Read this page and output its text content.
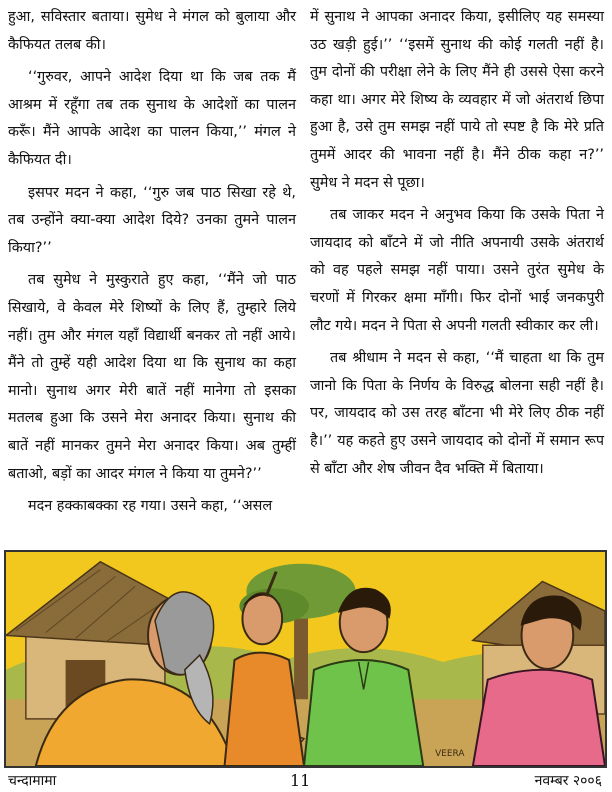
हुआ, सविस्तार बताया। सुमेध ने मंगल को बुलाया और कैफियत तलब की।

‘‘गुरुवर, आपने आदेश दिया था कि जब तक मैं आश्रम में रहूँगा तब तक सुनाथ के आदेशों का पालन करूँ। मैंने आपके आदेश का पालन किया,’’ मंगल ने कैफियत दी।

इसपर मदन ने कहा, ‘‘गुरु जब पाठ सिखा रहे थे, तब उन्होंने क्या-क्या आदेश दिये? उनका तुमने पालन किया?’’

तब सुमेध ने मुस्कुराते हुए कहा, ‘‘मैंने जो पाठ सिखाये, वे केवल मेरे शिष्यों के लिए हैं, तुम्हारे लिये नहीं। तुम और मंगल यहाँ विद्यार्थी बनकर तो नहीं आये। मैंने तो तुम्हें यही आदेश दिया था कि सुनाथ का कहा मानो। सुनाथ अगर मेरी बातें नहीं मानेगा तो इसका मतलब हुआ कि उसने मेरा अनादर किया। सुनाथ की बातें नहीं मानकर तुमने मेरा अनादर किया। अब तुम्हीं बताओ, बड़ों का आदर मंगल ने किया या तुमने?’’

मदन हक्काबक्का रह गया। उसने कहा, ‘‘असल

में सुनाथ ने आपका अनादर किया, इसीलिए यह समस्या उठ खड़ी हुई।’’ ‘‘इसमें सुनाथ की कोई गलती नहीं है। तुम दोनों की परीक्षा लेने के लिए मैंने ही उससे ऐसा करने कहा था। अगर मेरे शिष्य के व्यवहार में जो अंतरार्थ छिपा हुआ है, उसे तुम समझ नहीं पाये तो स्पष्ट है कि मेरे प्रति तुममें आदर की भावना नहीं है। मैंने ठीक कहा न?’’ सुमेध ने मदन से पूछा।

तब जाकर मदन ने अनुभव किया कि उसके पिता ने जायदाद को बाँटने में जो नीति अपनायी उसके अंतरार्थ को वह पहले समझ नहीं पाया। उसने तुरंत सुमेध के चरणों में गिरकर क्षमा माँगी। फिर दोनों भाई जनकपुरी लौट गये। मदन ने पिता से अपनी गलती स्वीकार कर ली।

तब श्रीधाम ने मदन से कहा, ‘‘मैं चाहता था कि तुम जानो कि पिता के निर्णय के विरुद्ध बोलना सही नहीं है। पर, जायदाद को उस तरह बाँटना भी मेरे लिए ठीक नहीं है।’’ यह कहते हुए उसने जायदाद को दोनों में समान रूप से बाँटा और शेष जीवन दैव भक्ति में बिताया।

VEERA
चन्दामामा	11	नवम्बर २००६
